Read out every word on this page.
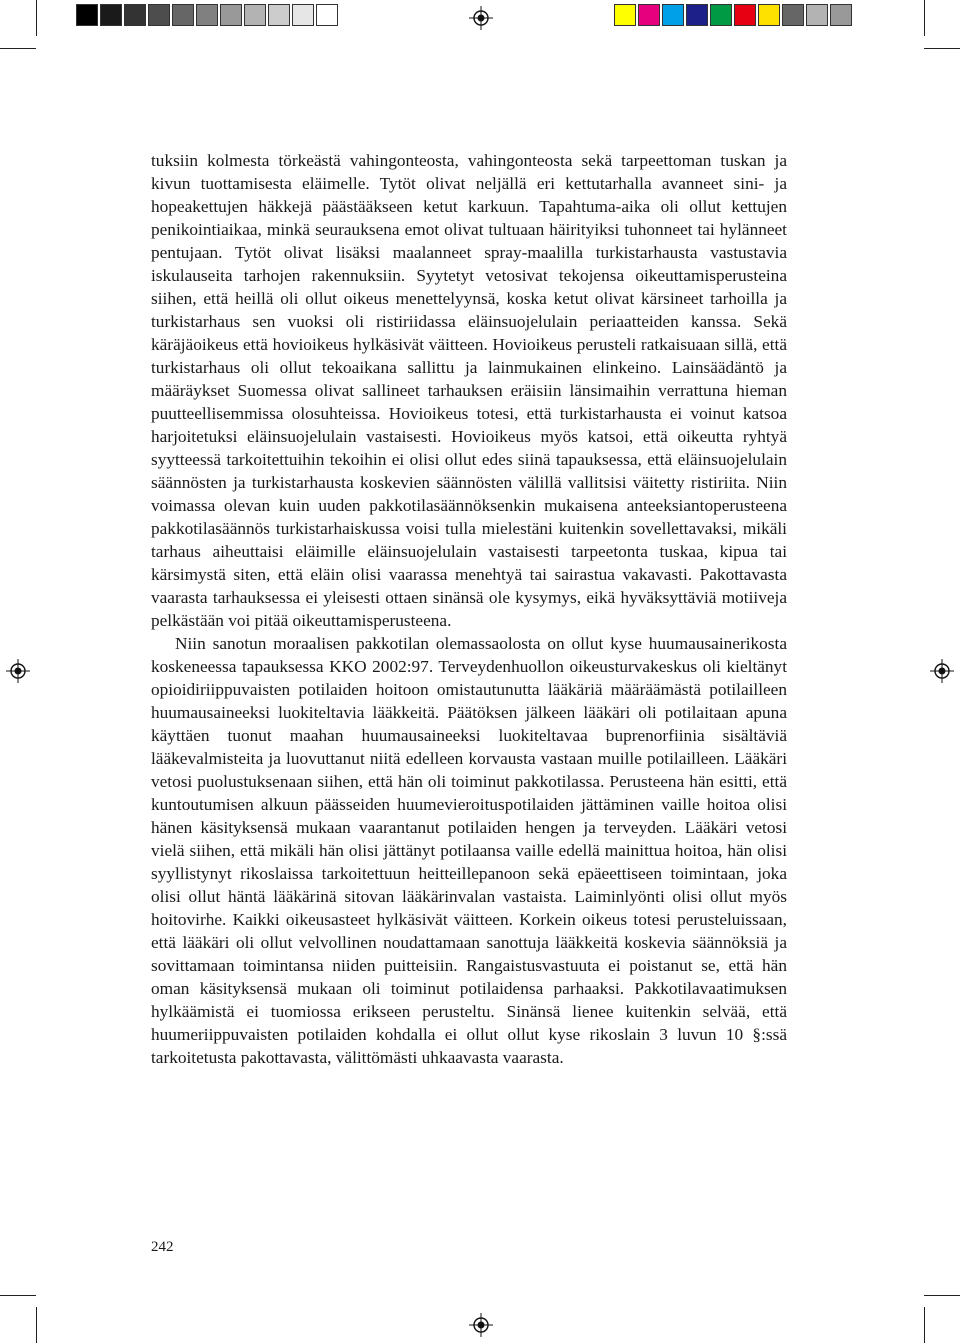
tuksiin kolmesta törkeästä vahingonteosta, vahingonteosta sekä tarpeettoman tuskan ja kivun tuottamisesta eläimelle. Tytöt olivat neljällä eri kettutarhalla avanneet sini- ja hopeakettujen häkkejä päästääkseen ketut karkuun. Tapahtuma-aika oli ollut kettujen penikointiaikaa, minkä seurauksena emot olivat tultuaan häirityiksi tuhonneet tai hylänneet pentujaan. Tytöt olivat lisäksi maalanneet spray-maalilla turkistarhausta vastustavia iskulauseita tarhojen rakennuksiin. Syytetyt vetosivat tekojensa oikeuttamisperusteina siihen, että heillä oli ollut oikeus menettelyynsä, koska ketut olivat kärsineet tarhoilla ja turkistarhaus sen vuoksi oli ristiriidassa eläinsuojelulain periaatteiden kanssa. Sekä käräjäoikeus että hovioikeus hylkäsivät väitteen. Hovioikeus perusteli ratkaisuaan sillä, että turkistarhaus oli ollut tekoaikana sallittu ja lainmukainen elinkeino. Lainsäädäntö ja määräykset Suomessa olivat sallineet tarhauksen eräisiin länsimaihin verrattuna hieman puutteellisemmissa olosuhteissa. Hovioikeus totesi, että turkistarhausta ei voinut katsoa harjoitetuksi eläinsuojelulain vastaisesti. Hovioikeus myös katsoi, että oikeutta ryhtyä syytteessä tarkoitettuihin tekoihin ei olisi ollut edes siinä tapauksessa, että eläinsuojelulain säännösten ja turkistarhausta koskevien säännösten välillä vallitsisi väitetty ristiriita. Niin voimassa olevan kuin uuden pakkotilasäännöksenkin mukaisena anteeksiantoperusteena pakkotilasäännös turkistarhaiskussa voisi tulla mielestäni kuitenkin sovellettavaksi, mikäli tarhaus aiheuttaisi eläimille eläinsuojelulain vastaisesti tarpeetonta tuskaa, kipua tai kärsimystä siten, että eläin olisi vaarassa menehtyä tai sairastua vakavasti. Pakottavasta vaarasta tarhauksessa ei yleisesti ottaen sinänsä ole kysymys, eikä hyväksyttäviä motiiveja pelkästään voi pitää oikeuttamisperusteena.

Niin sanotun moraalisen pakkotilan olemassaolosta on ollut kyse huumausainerikosta koskeneessa tapauksessa KKO 2002:97. Terveydenhuollon oikeusturvakeskus oli kieltänyt opioidiriippuvaisten potilaiden hoitoon omistautunutta lääkäriä määräämästä potilailleen huumausaineeksi luokiteltavia lääkkeitä. Päätöksen jälkeen lääkäri oli potilaitaan apuna käyttäen tuonut maahan huumausaineeksi luokiteltavaa buprenorfiinia sisältäviä lääkevalmisteita ja luovuttanut niitä edelleen korvausta vastaan muille potilailleen. Lääkäri vetosi puolustuksenaan siihen, että hän oli toiminut pakkotilassa. Perusteena hän esitti, että kuntoutumisen alkuun päässeiden huumevieroituspotilaiden jättäminen vaille hoitoa olisi hänen käsityksensä mukaan vaarantanut potilaiden hengen ja terveyden. Lääkäri vetosi vielä siihen, että mikäli hän olisi jättänyt potilaansa vaille edellä mainittua hoitoa, hän olisi syyllistynyt rikoslaissa tarkoitettuun heitteillepanoon sekä epäeettiseen toimintaan, joka olisi ollut häntä lääkärinä sitovan lääkärinvalan vastaista. Laiminlyönti olisi ollut myös hoitovirhe. Kaikki oikeusasteet hylkäsivät väitteen. Korkein oikeus totesi perusteluissaan, että lääkäri oli ollut velvollinen noudattamaan sanottuja lääkkeitä koskevia säännöksiä ja sovittamaan toimintansa niiden puitteisiin. Rangaistusvastuuta ei poistanut se, että hän oman käsityksensä mukaan oli toiminut potilaidensa parhaaksi. Pakkotilavaatimuksen hylkäämistä ei tuomiossa erikseen perusteltu. Sinänsä lienee kuitenkin selvää, että huumeriippuvaisten potilaiden kohdalla ei ollut ollut kyse rikoslain 3 luvun 10 §:ssä tarkoitetusta pakottavasta, välittömästi uhkaavasta vaarasta.

242
